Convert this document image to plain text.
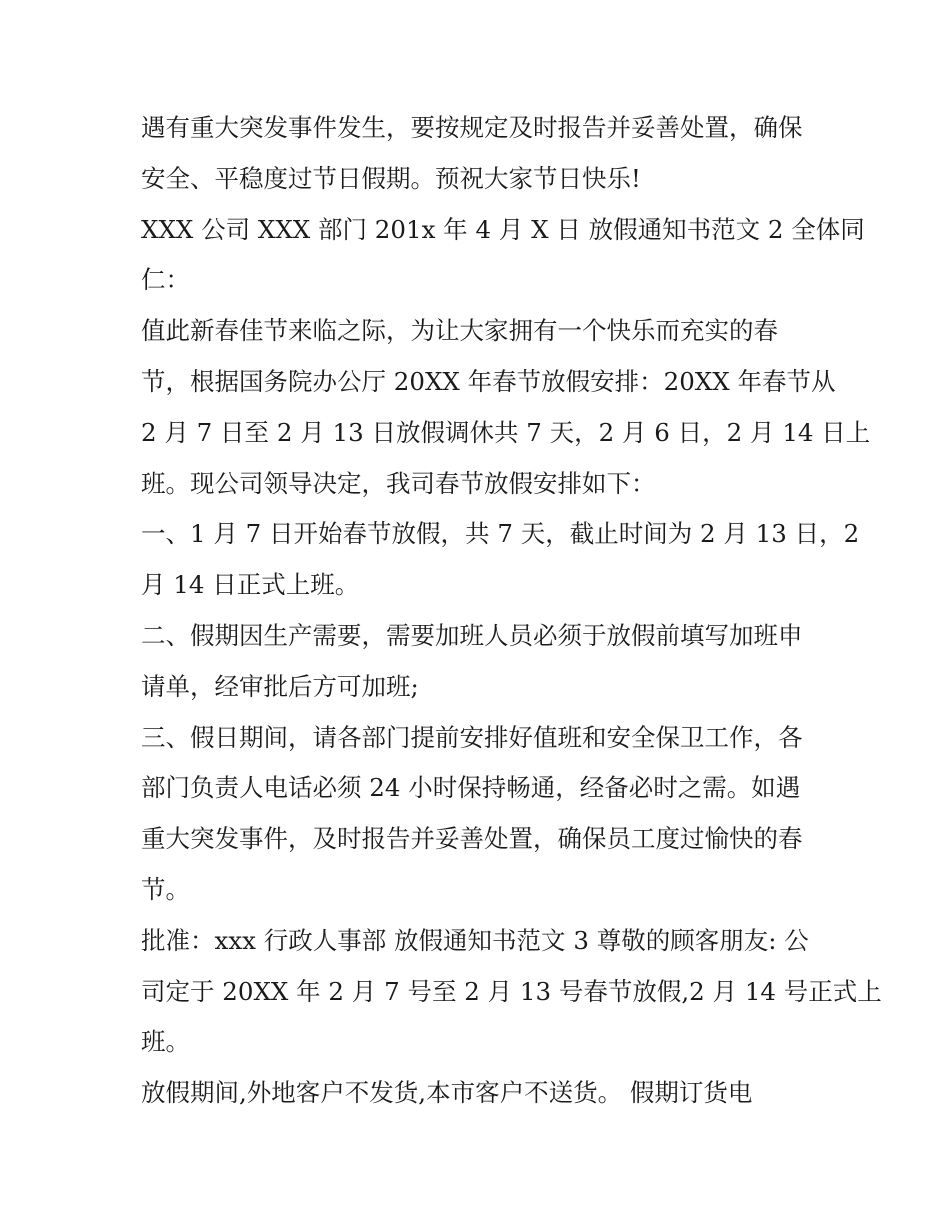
遇有重大突发事件发生，要按规定及时报告并妥善处置，确保
安全、平稳度过节日假期。预祝大家节日快乐!
XXX 公司 XXX 部门 201x 年 4 月 X 日 放假通知书范文 2 全体同
仁：
值此新春佳节来临之际，为让大家拥有一个快乐而充实的春
节，根据国务院办公厅 20XX 年春节放假安排：20XX 年春节从
2 月 7 日至 2 月 13 日放假调休共 7 天，2 月 6 日，2 月 14 日上
班。现公司领导决定，我司春节放假安排如下：
一、1 月 7 日开始春节放假，共 7 天，截止时间为 2 月 13 日，2
月 14 日正式上班。
二、假期因生产需要，需要加班人员必须于放假前填写加班申
请单，经审批后方可加班;
三、假日期间，请各部门提前安排好值班和安全保卫工作，各
部门负责人电话必须 24 小时保持畅通，经备必时之需。如遇
重大突发事件，及时报告并妥善处置，确保员工度过愉快的春
节。
批准：xxx 行政人事部 放假通知书范文 3 尊敬的顾客朋友: 公
司定于 20XX 年 2 月 7 号至 2 月 13 号春节放假,2 月 14 号正式上
班。
放假期间,外地客户不发货,本市客户不送货。 假期订货电
